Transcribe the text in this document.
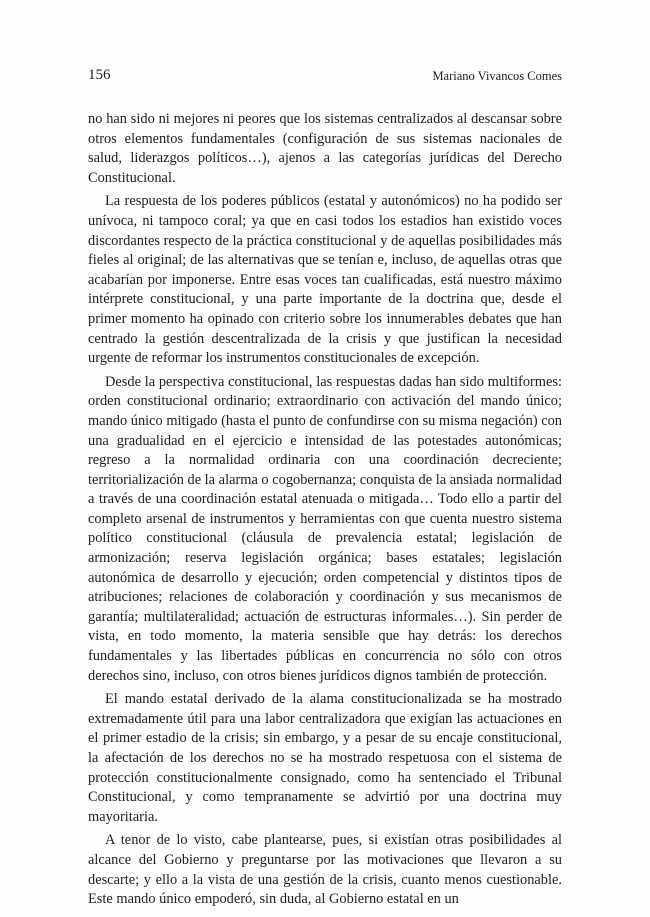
156	Mariano Vivancos Comes

no han sido ni mejores ni peores que los sistemas centralizados al descansar sobre otros elementos fundamentales (configuración de sus sistemas nacionales de salud, liderazgos políticos…), ajenos a las categorías jurídicas del Derecho Constitucional.

La respuesta de los poderes públicos (estatal y autonómicos) no ha podido ser unívoca, ni tampoco coral; ya que en casi todos los estadios han existido voces discordantes respecto de la práctica constitucional y de aquellas posibilidades más fieles al original; de las alternativas que se tenían e, incluso, de aquellas otras que acabarían por imponerse. Entre esas voces tan cualificadas, está nuestro máximo intérprete constitucional, y una parte importante de la doctrina que, desde el primer momento ha opinado con criterio sobre los innumerables debates que han centrado la gestión descentralizada de la crisis y que justifican la necesidad urgente de reformar los instrumentos constitucionales de excepción.

Desde la perspectiva constitucional, las respuestas dadas han sido multiformes: orden constitucional ordinario; extraordinario con activación del mando único; mando único mitigado (hasta el punto de confundirse con su misma negación) con una gradualidad en el ejercicio e intensidad de las potestades autonómicas; regreso a la normalidad ordinaria con una coordinación decreciente; territorialización de la alarma o cogobernanza; conquista de la ansiada normalidad a través de una coordinación estatal atenuada o mitigada… Todo ello a partir del completo arsenal de instrumentos y herramientas con que cuenta nuestro sistema político constitucional (cláusula de prevalencia estatal; legislación de armonización; reserva legislación orgánica; bases estatales; legislación autonómica de desarrollo y ejecución; orden competencial y distintos tipos de atribuciones; relaciones de colaboración y coordinación y sus mecanismos de garantía; multilateralidad; actuación de estructuras informales…). Sin perder de vista, en todo momento, la materia sensible que hay detrás: los derechos fundamentales y las libertades públicas en concurrencia no sólo con otros derechos sino, incluso, con otros bienes jurídicos dignos también de protección.

El mando estatal derivado de la alama constitucionalizada se ha mostrado extremadamente útil para una labor centralizadora que exigían las actuaciones en el primer estadio de la crisis; sin embargo, y a pesar de su encaje constitucional, la afectación de los derechos no se ha mostrado respetuosa con el sistema de protección constitucionalmente consignado, como ha sentenciado el Tribunal Constitucional, y como tempranamente se advirtió por una doctrina muy mayoritaria.

A tenor de lo visto, cabe plantearse, pues, si existían otras posibilidades al alcance del Gobierno y preguntarse por las motivaciones que llevaron a su descarte; y ello a la vista de una gestión de la crisis, cuanto menos cuestionable. Este mando único empoderó, sin duda, al Gobierno estatal en un
